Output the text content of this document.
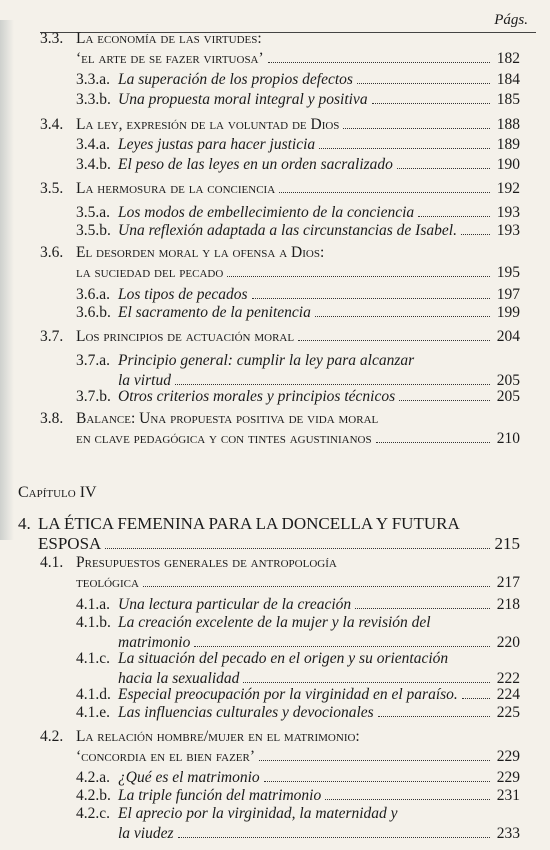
Págs.
Capítulo IV
3.3. La economía de las virtudes:
‘el arte de se fazer virtuosa’	182
3.3.a. La superación de los propios defectos	184
3.3.b. Una propuesta moral integral y positiva	185
3.4. La ley, expresión de la voluntad de Dios	188
3.4.a. Leyes justas para hacer justicia	189
3.4.b. El peso de las leyes en un orden sacralizado	190
3.5. La hermosura de la conciencia	192
3.5.a. Los modos de embellecimiento de la conciencia	193
3.5.b. Una reflexión adaptada a las circunstancias de Isabel.	193
3.6. El desorden moral y la ofensa a Dios:
la suciedad del pecado	195
3.6.a. Los tipos de pecados	197
3.6.b. El sacramento de la penitencia	199
3.7. Los principios de actuación moral	204
3.7.a. Principio general: cumplir la ley para alcanzar
la virtud	205
3.7.b. Otros criterios morales y principios técnicos	205
3.8. Balance: Una propuesta positiva de vida moral
en clave pedagógica y con tintes agustinianos	210
4. LA ÉTICA FEMENINA PARA LA DONCELLA Y FUTURA
ESPOSA	215
4.1. Presupuestos generales de antropología
teológica	217
4.1.a. Una lectura particular de la creación	218
4.1.b. La creación excelente de la mujer y la revisión del
matrimonio	220
4.1.c. La situación del pecado en el origen y su orientación
hacia la sexualidad	222
4.1.d. Especial preocupación por la virginidad en el paraíso.	224
4.1.e. Las influencias culturales y devocionales	225
4.2. La relación hombre/mujer en el matrimonio:
‘concordia en el bien fazer’	229
4.2.a. ¿Qué es el matrimonio	229
4.2.b. La triple función del matrimonio	231
4.2.c. El aprecio por la virginidad, la maternidad y
la viudez	233
